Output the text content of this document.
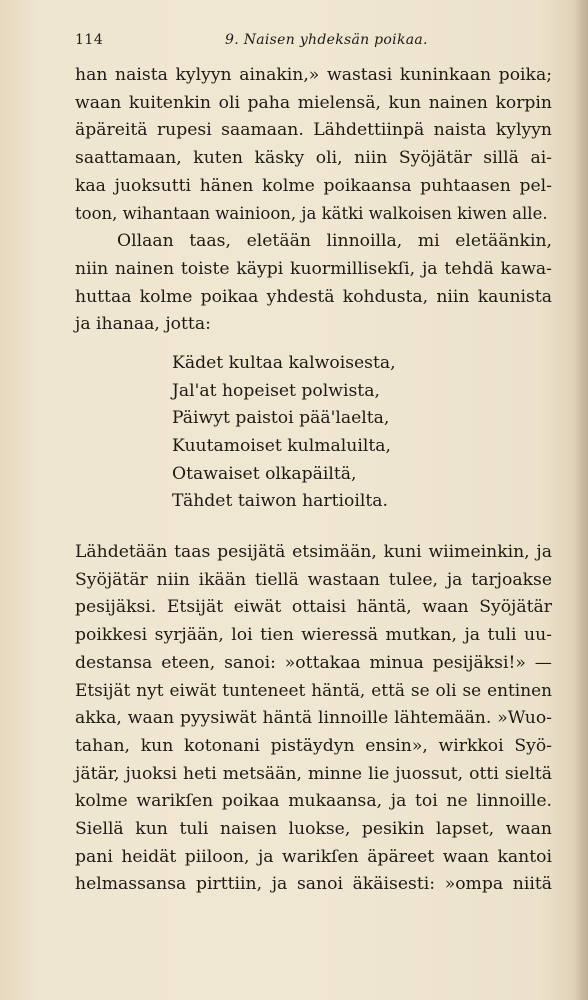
114	9. Naisen yhdeksän poikaa.
han naista kylyyn ainakin,» wastasi kuninkaan poika;
waan kuitenkin oli paha mielensä, kun nainen korpin
äpäreitä rupesi saamaan. Lähdettiinpä naista kylyyn
saattamaan, kuten käsky oli, niin Syöjätär sillä ai-
kaa juoksutti hänen kolme poikaansa puhtaasen pel-
toon, wihantaan wainioon, ja kätki walkoisen kiwen alle.
Ollaan taas, eletään linnoilla, mi eletäänkin,
niin nainen toiste käypi kuormillisekſi, ja tehdä kawa-
huttaa kolme poikaa yhdestä kohdusta, niin kaunista
ja ihanaa, jotta:
Kädet kultaa kalwoisesta,
Jal'at hopeiset polwista,
Päiwyt paistoi pää'laelta,
Kuutamoiset kulmaluilta,
Otawaiset olkapäiltä,
Tähdet taiwon hartioilta.
Lähdetään taas pesijätä etsimään, kuni wiimeinkin, ja
Syöjätär niin ikään tiellä wastaan tulee, ja tarjoakse
pesijäksi. Etsijät eiwät ottaisi häntä, waan Syöjätär
poikkesi syrjään, loi tien wieressä mutkan, ja tuli uu-
destansa eteen, sanoi: »ottakaa minua pesijäksi!» —
Etsijät nyt eiwät tunteneet häntä, että se oli se entinen
akka, waan pyysiwät häntä linnoille lähtemään. »Wuo-
tahan, kun kotonani pistäydyn ensin», wirkkoi Syö-
jätär, juoksi heti metsään, minne lie juossut, otti sieltä
kolme warikſen poikaa mukaansa, ja toi ne linnoille.
Siellä kun tuli naisen luokse, pesikin lapset, waan
pani heidät piiloon, ja warikſen äpäreet waan kantoi
helmassansa pirttiin, ja sanoi äkäisesti: »ompa niitä
